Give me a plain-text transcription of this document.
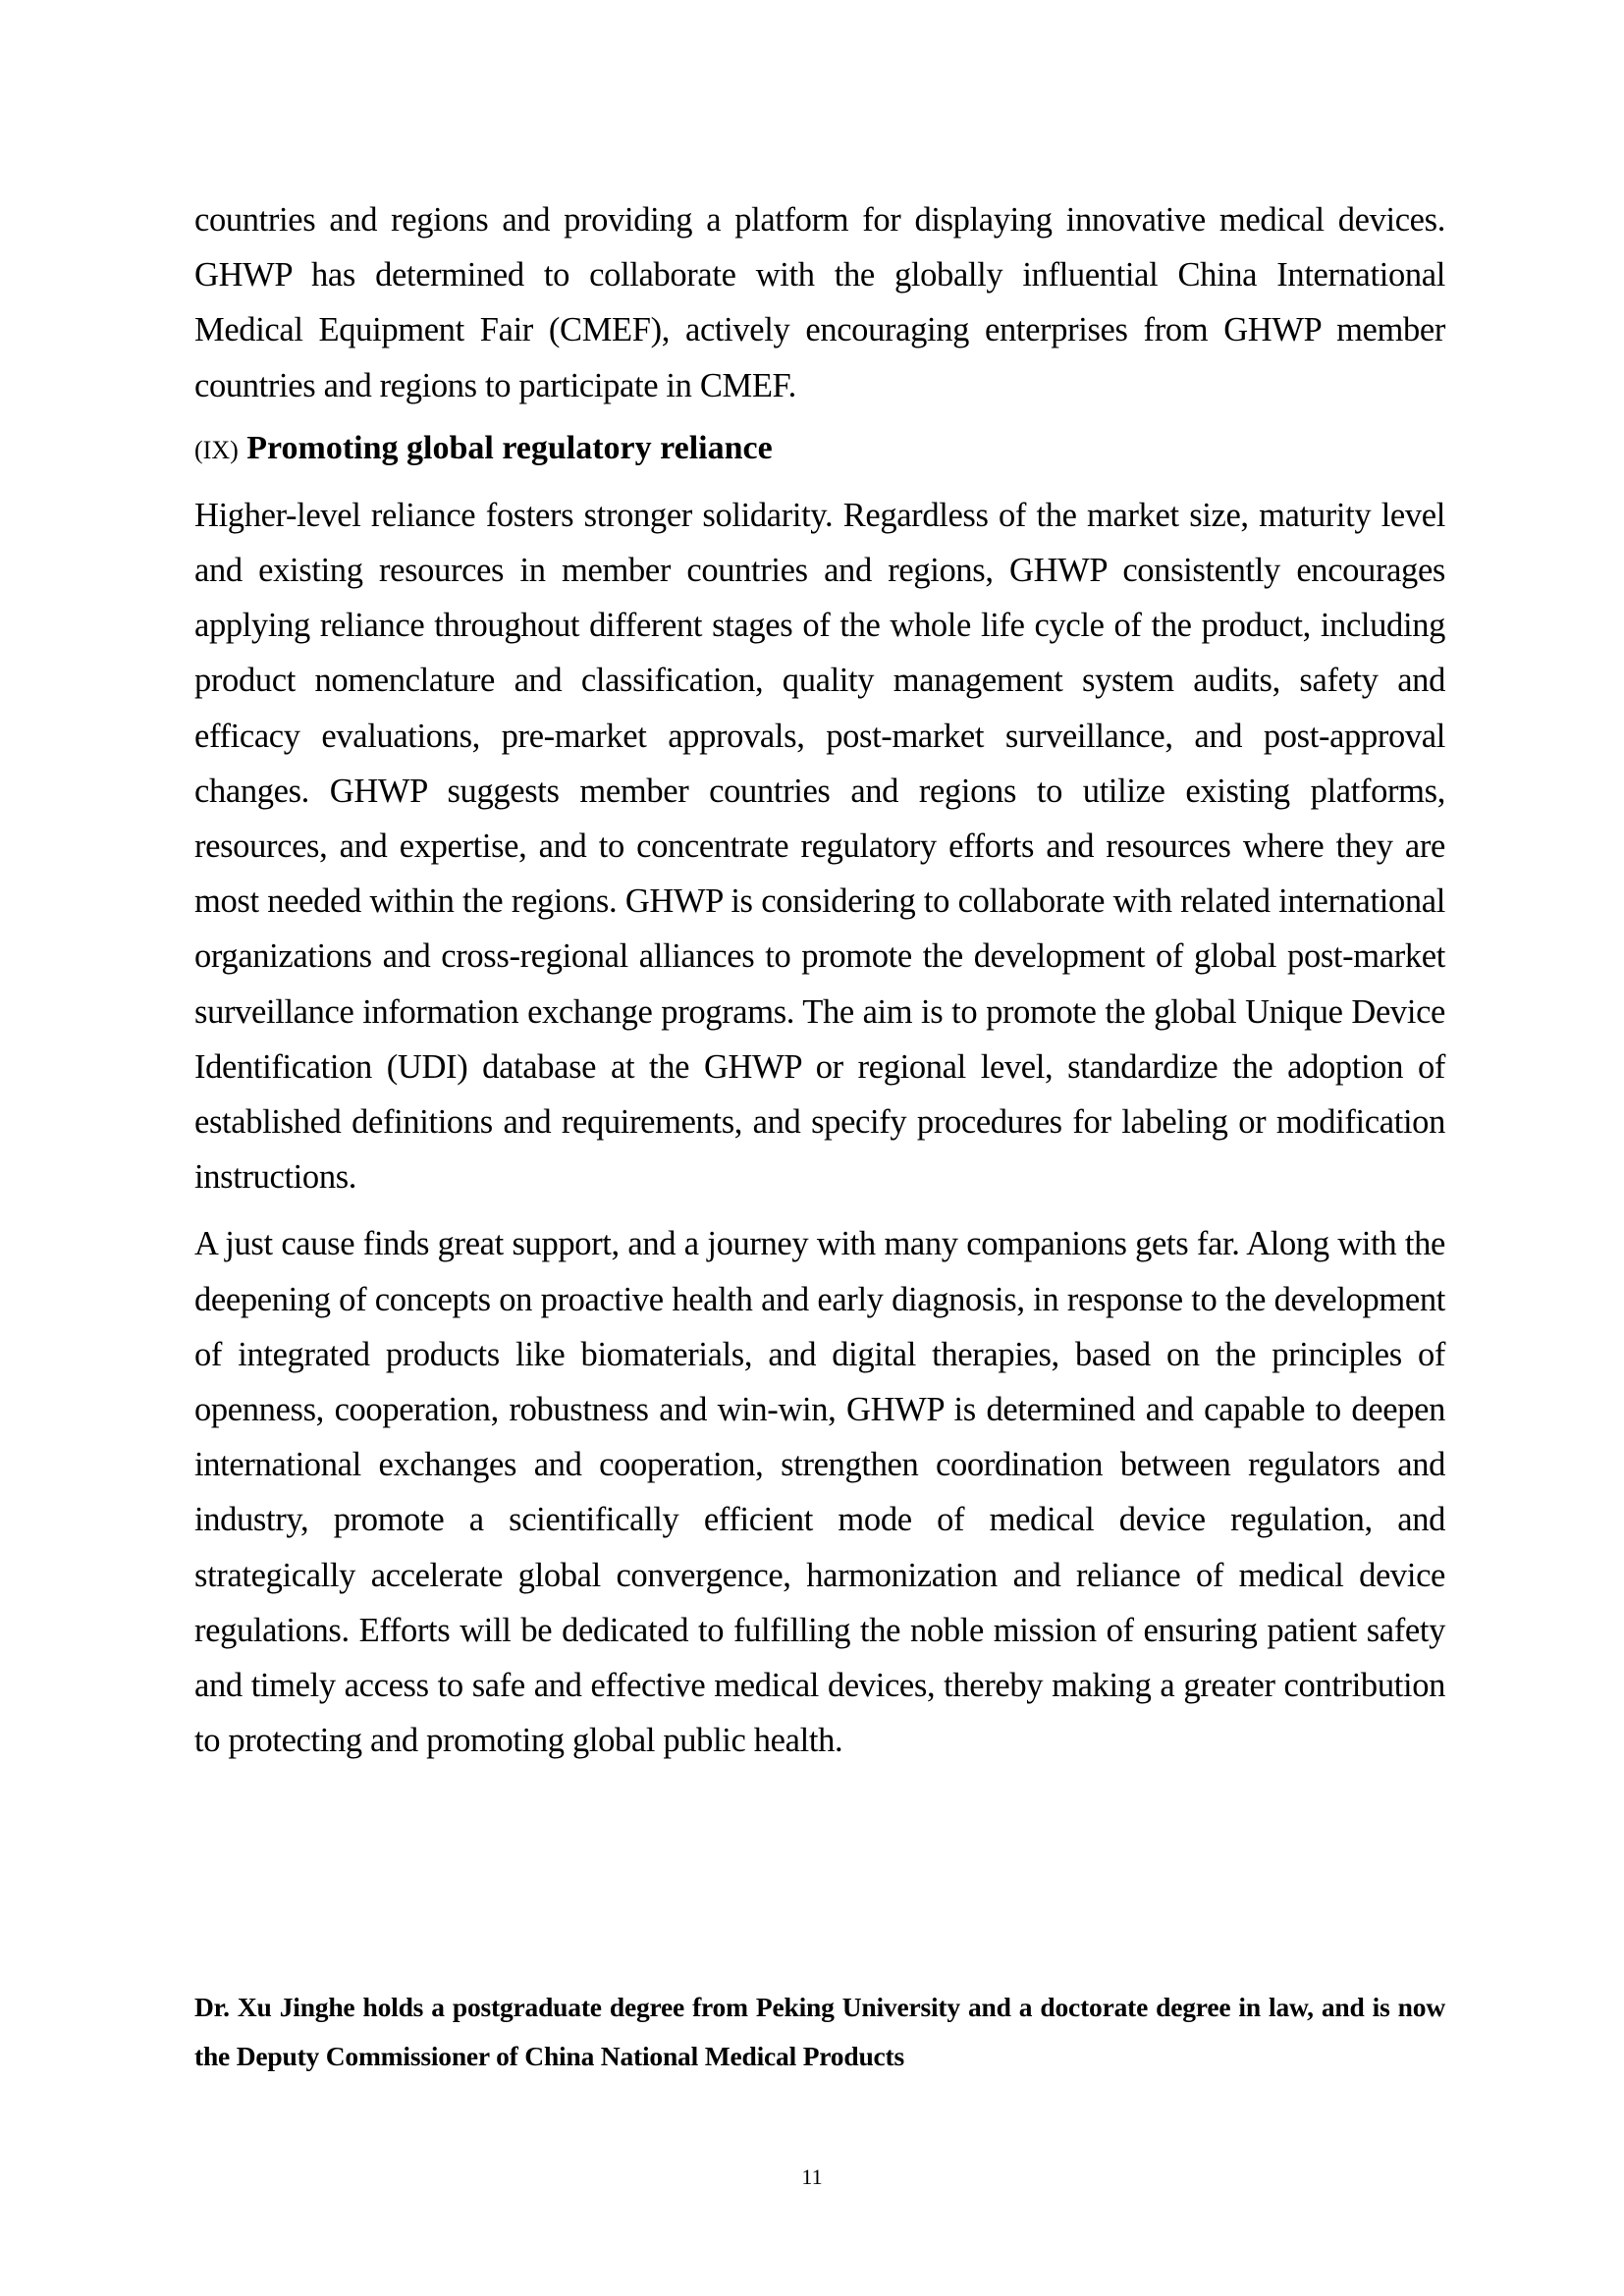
countries and regions and providing a platform for displaying innovative medical devices. GHWP has determined to collaborate with the globally influential China International Medical Equipment Fair (CMEF), actively encouraging enterprises from GHWP member countries and regions to participate in CMEF.

(IX) Promoting global regulatory reliance

Higher-level reliance fosters stronger solidarity. Regardless of the market size, maturity level and existing resources in member countries and regions, GHWP consistently encourages applying reliance throughout different stages of the whole life cycle of the product, including product nomenclature and classification, quality management system audits, safety and efficacy evaluations, pre-market approvals, post-market surveillance, and post-approval changes. GHWP suggests member countries and regions to utilize existing platforms, resources, and expertise, and to concentrate regulatory efforts and resources where they are most needed within the regions. GHWP is considering to collaborate with related international organizations and cross-regional alliances to promote the development of global post-market surveillance information exchange programs. The aim is to promote the global Unique Device Identification (UDI) database at the GHWP or regional level, standardize the adoption of established definitions and requirements, and specify procedures for labeling or modification instructions.

A just cause finds great support, and a journey with many companions gets far. Along with the deepening of concepts on proactive health and early diagnosis, in response to the development of integrated products like biomaterials, and digital therapies, based on the principles of openness, cooperation, robustness and win-win, GHWP is determined and capable to deepen international exchanges and cooperation, strengthen coordination between regulators and industry, promote a scientifically efficient mode of medical device regulation, and strategically accelerate global convergence, harmonization and reliance of medical device regulations. Efforts will be dedicated to fulfilling the noble mission of ensuring patient safety and timely access to safe and effective medical devices, thereby making a greater contribution to protecting and promoting global public health.

Dr. Xu Jinghe holds a postgraduate degree from Peking University and a doctorate degree in law, and is now the Deputy Commissioner of China National Medical Products

11
